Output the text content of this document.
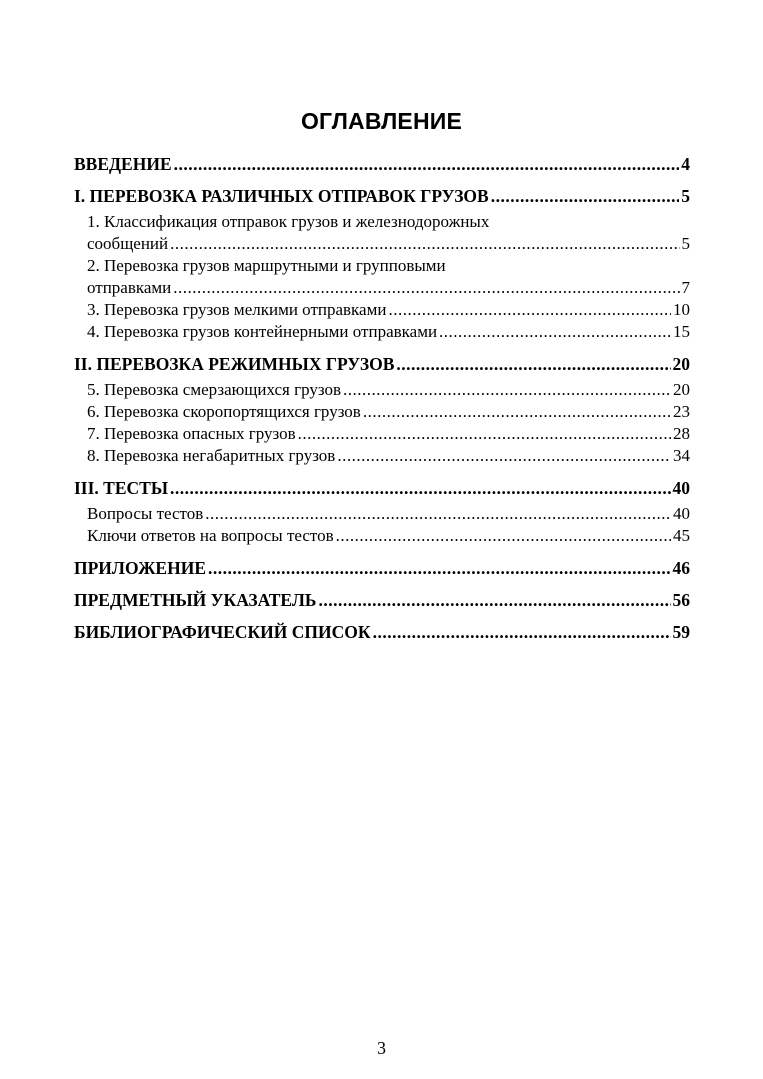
ОГЛАВЛЕНИЕ
ВВЕДЕНИЕ .....	4
I. ПЕРЕВОЗКА РАЗЛИЧНЫХ ОТПРАВОК ГРУЗОВ .....	5
1. Классификация отправок грузов и железнодорожных
сообщений .....	5
2. Перевозка грузов маршрутными и групповыми
отправками .....	7
3. Перевозка грузов мелкими отправками .....	10
4. Перевозка грузов контейнерными отправками .....	15
II. ПЕРЕВОЗКА РЕЖИМНЫХ ГРУЗОВ .....	20
5. Перевозка смерзающихся грузов .....	20
6. Перевозка скоропортящихся грузов .....	23
7. Перевозка опасных грузов .....	28
8. Перевозка негабаритных грузов .....	34
III. ТЕСТЫ .....	40
Вопросы тестов .....	40
Ключи ответов на вопросы тестов .....	45
ПРИЛОЖЕНИЕ .....	46
ПРЕДМЕТНЫЙ УКАЗАТЕЛЬ .....	56
БИБЛИОГРАФИЧЕСКИЙ СПИСОК .....	59
3
